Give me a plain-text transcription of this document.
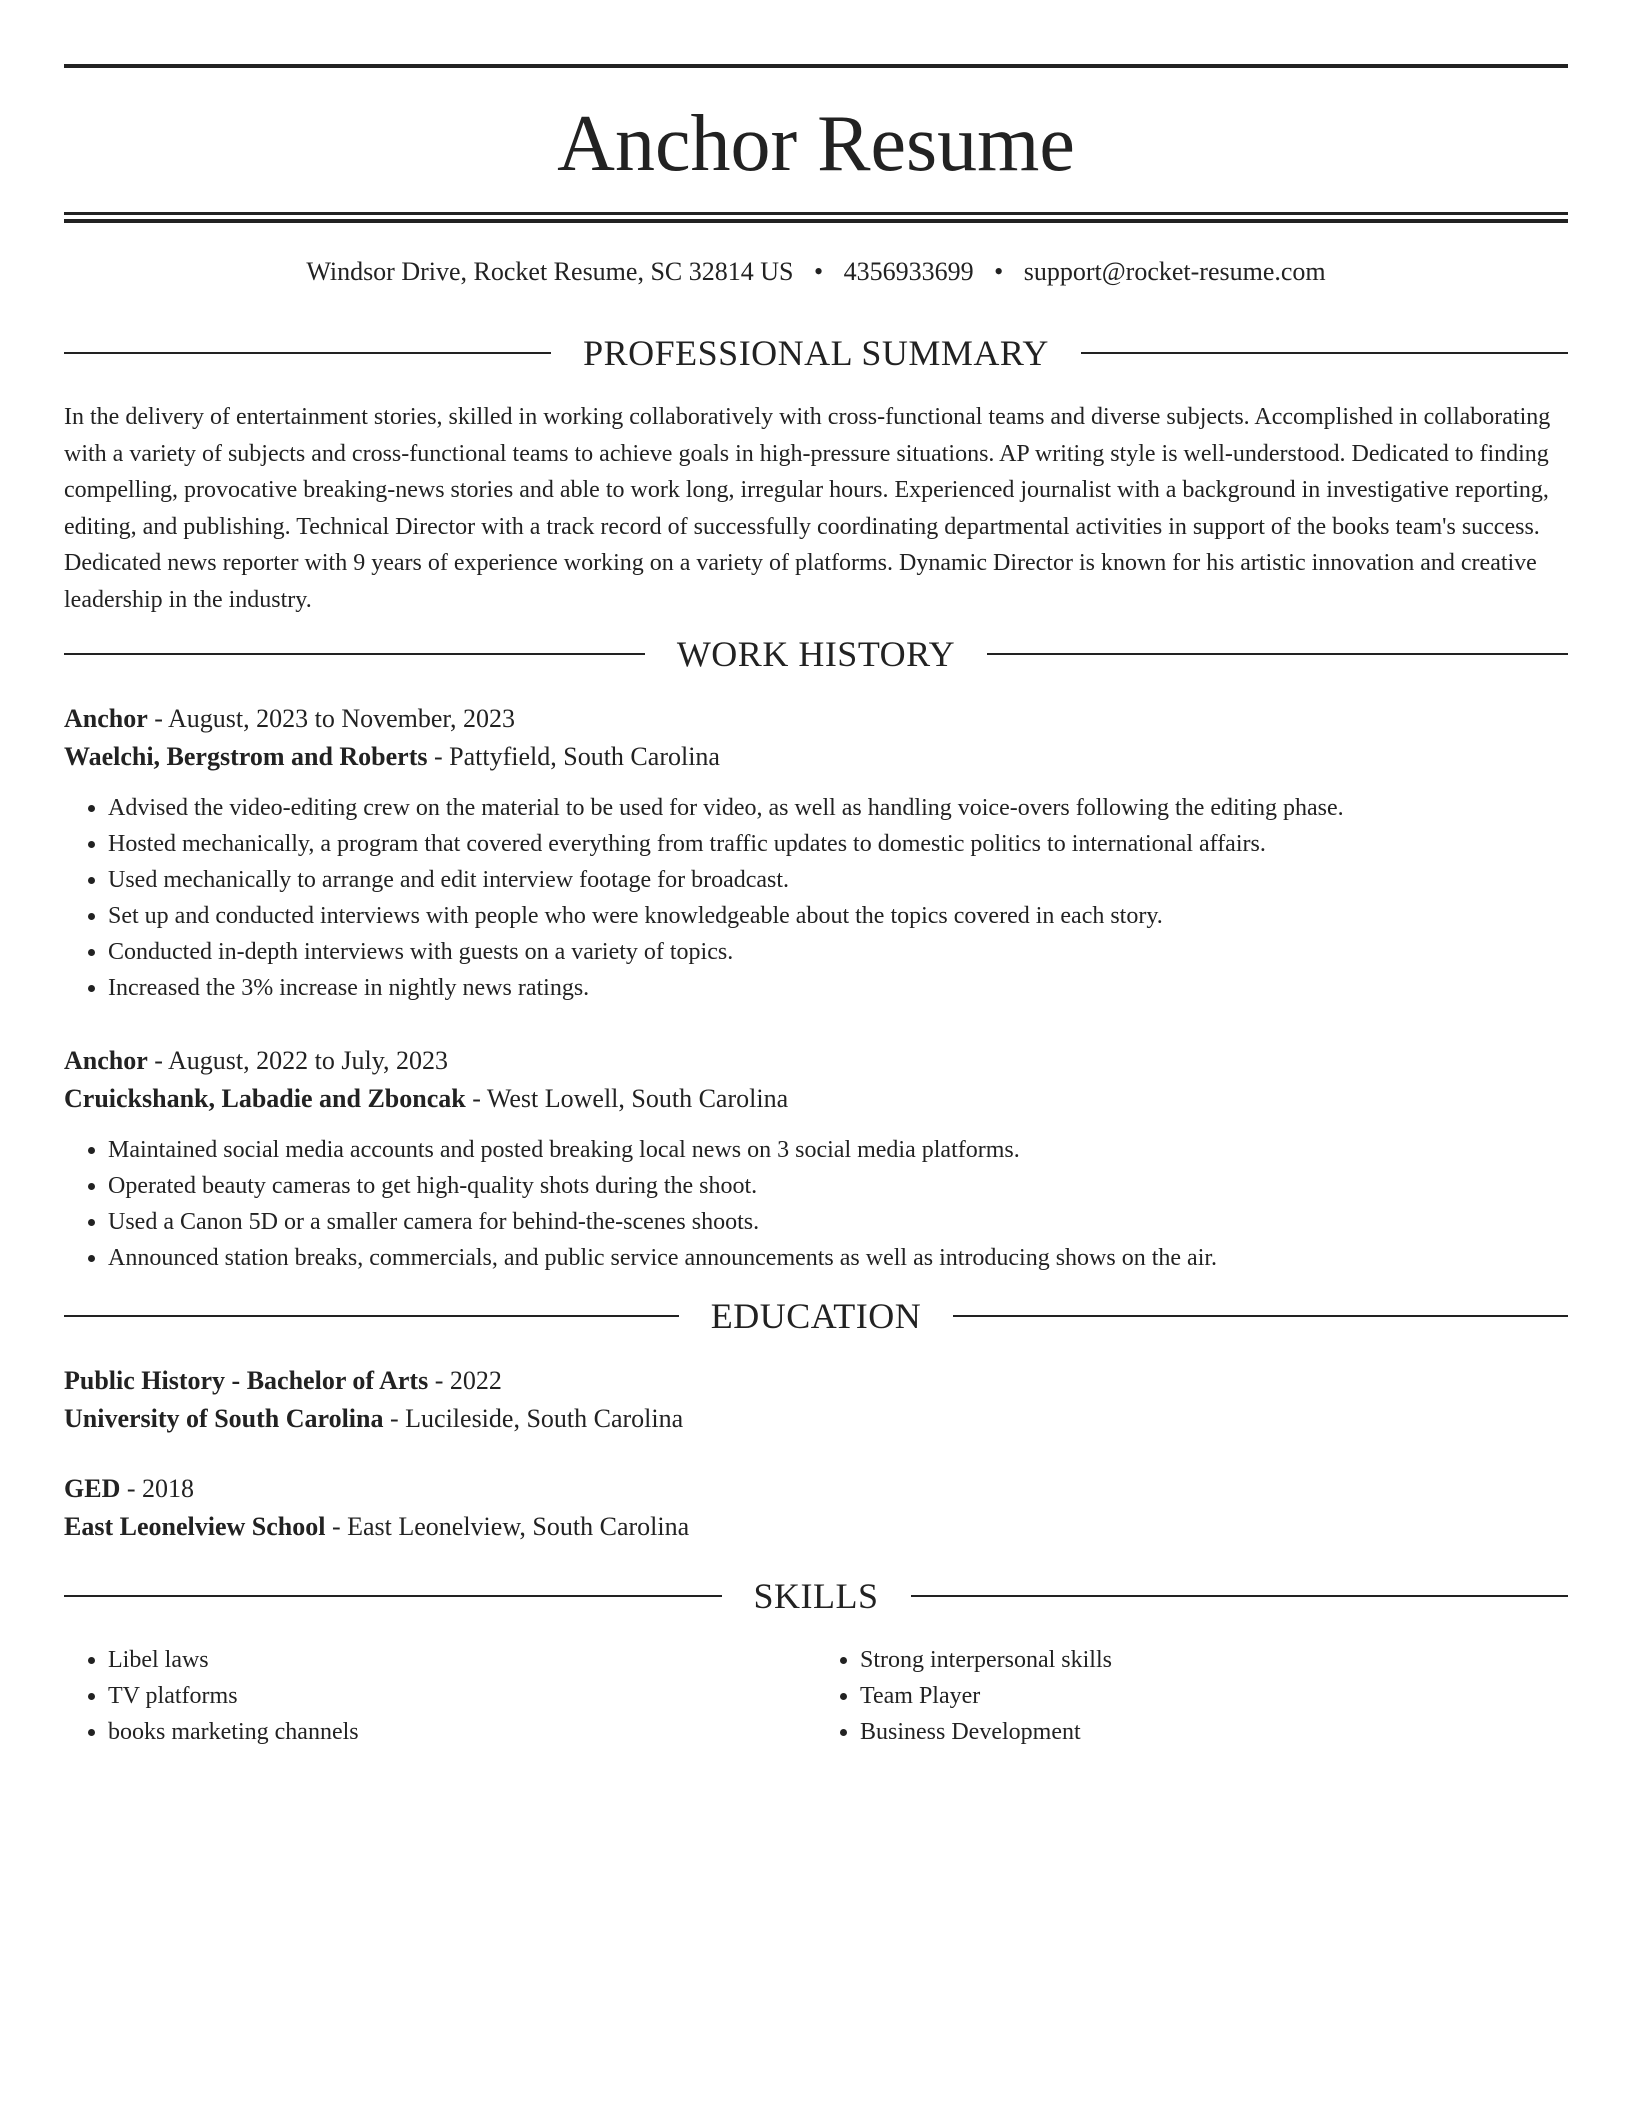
Anchor Resume
Windsor Drive, Rocket Resume, SC 32814 US • 4356933699 • support@rocket-resume.com
PROFESSIONAL SUMMARY
In the delivery of entertainment stories, skilled in working collaboratively with cross-functional teams and diverse subjects. Accomplished in collaborating with a variety of subjects and cross-functional teams to achieve goals in high-pressure situations. AP writing style is well-understood. Dedicated to finding compelling, provocative breaking-news stories and able to work long, irregular hours. Experienced journalist with a background in investigative reporting, editing, and publishing. Technical Director with a track record of successfully coordinating departmental activities in support of the books team's success. Dedicated news reporter with 9 years of experience working on a variety of platforms. Dynamic Director is known for his artistic innovation and creative leadership in the industry.
WORK HISTORY
Anchor - August, 2023 to November, 2023
Waelchi, Bergstrom and Roberts - Pattyfield, South Carolina
• Advised the video-editing crew on the material to be used for video, as well as handling voice-overs following the editing phase.
• Hosted mechanically, a program that covered everything from traffic updates to domestic politics to international affairs.
• Used mechanically to arrange and edit interview footage for broadcast.
• Set up and conducted interviews with people who were knowledgeable about the topics covered in each story.
• Conducted in-depth interviews with guests on a variety of topics.
• Increased the 3% increase in nightly news ratings.
Anchor - August, 2022 to July, 2023
Cruickshank, Labadie and Zboncak - West Lowell, South Carolina
• Maintained social media accounts and posted breaking local news on 3 social media platforms.
• Operated beauty cameras to get high-quality shots during the shoot.
• Used a Canon 5D or a smaller camera for behind-the-scenes shoots.
• Announced station breaks, commercials, and public service announcements as well as introducing shows on the air.
EDUCATION
Public History - Bachelor of Arts - 2022
University of South Carolina - Lucileside, South Carolina
GED - 2018
East Leonelview School - East Leonelview, South Carolina
SKILLS
• Libel laws
• TV platforms
• books marketing channels
• Strong interpersonal skills
• Team Player
• Business Development
